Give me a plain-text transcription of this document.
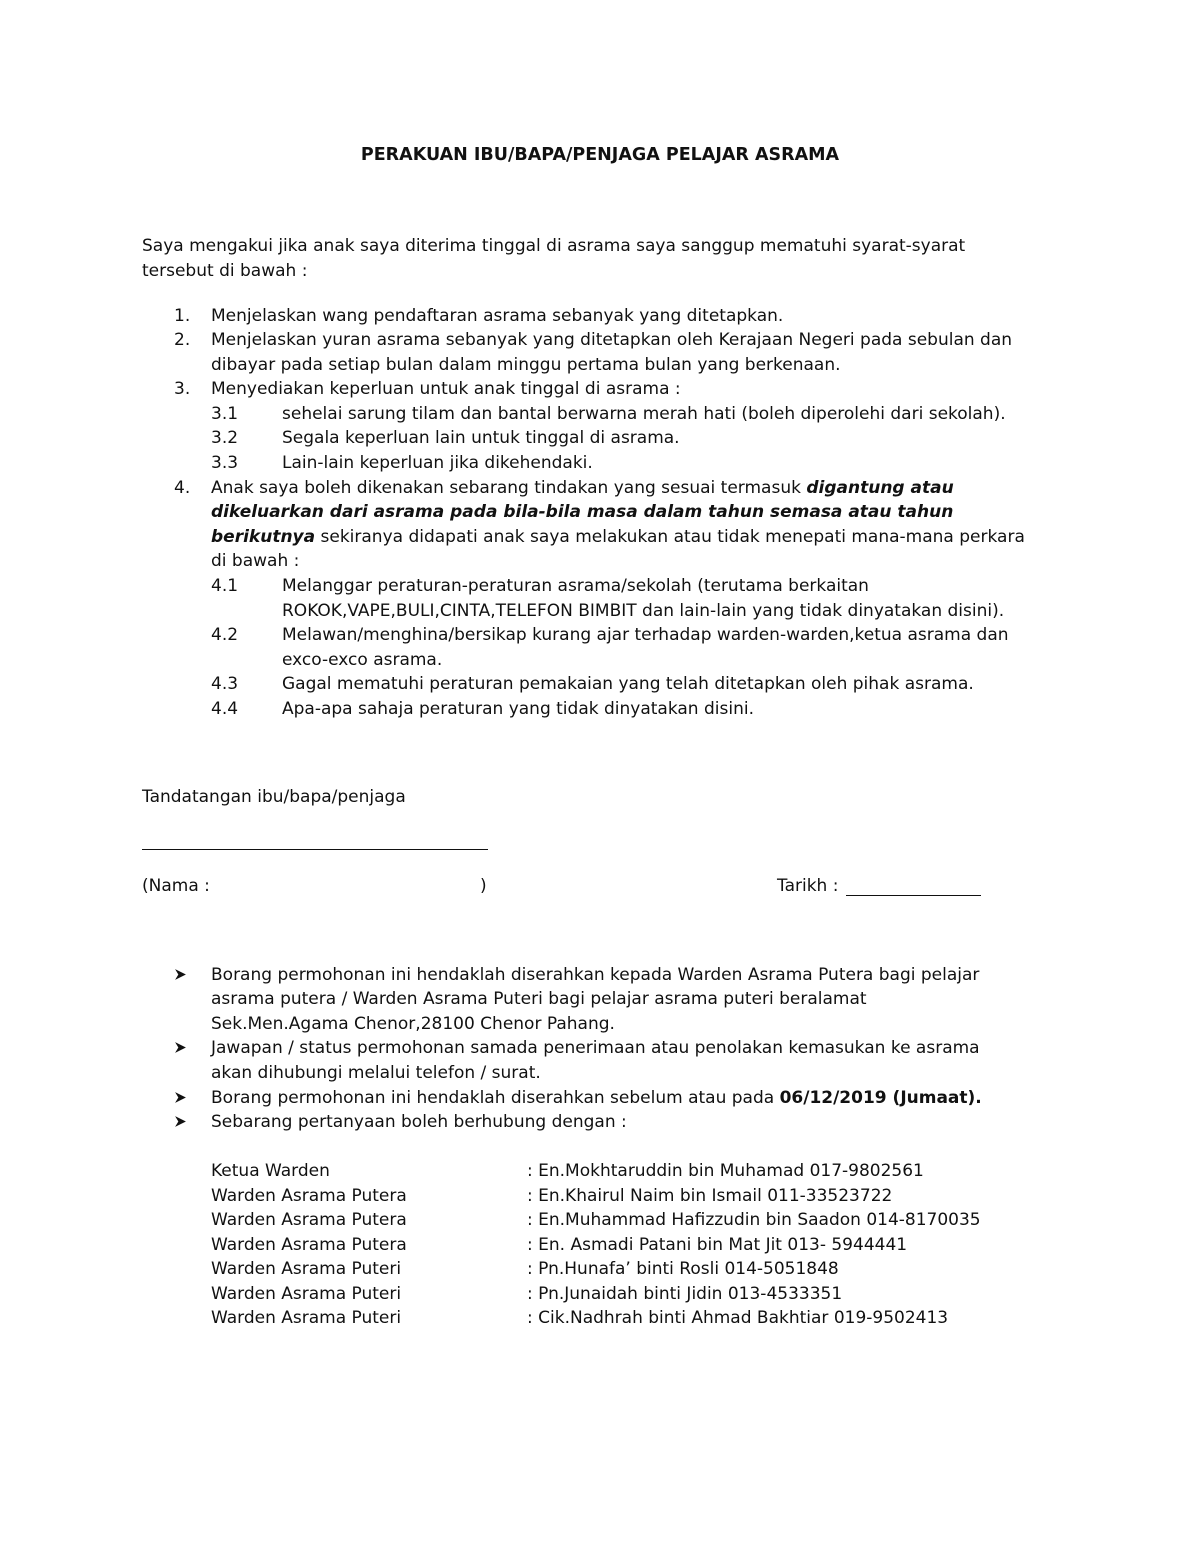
PERAKUAN IBU/BAPA/PENJAGA PELAJAR ASRAMA
Saya mengakui jika anak saya diterima tinggal di asrama saya sanggup mematuhi syarat-syarat
tersebut di bawah :
1.	Menjelaskan wang pendaftaran asrama sebanyak yang ditetapkan.
2.	Menjelaskan yuran asrama sebanyak yang ditetapkan oleh Kerajaan Negeri pada sebulan dan
dibayar pada setiap bulan dalam minggu pertama bulan yang berkenaan.
3.	Menyediakan keperluan untuk anak tinggal di asrama :
3.1	sehelai sarung tilam dan bantal berwarna merah hati (boleh diperolehi dari sekolah).
3.2	Segala keperluan lain untuk tinggal di asrama.
3.3	Lain-lain keperluan jika dikehendaki.
4.	Anak saya boleh dikenakan sebarang tindakan yang sesuai termasuk digantung atau
dikeluarkan dari asrama pada bila-bila masa dalam tahun semasa atau tahun
berikutnya sekiranya didapati anak saya melakukan atau tidak menepati mana-mana perkara
di bawah :
4.1	Melanggar peraturan-peraturan asrama/sekolah (terutama berkaitan
ROKOK,VAPE,BULI,CINTA,TELEFON BIMBIT dan lain-lain yang tidak dinyatakan disini).
4.2	Melawan/menghina/bersikap kurang ajar terhadap warden-warden,ketua asrama dan
exco-exco asrama.
4.3	Gagal mematuhi peraturan pemakaian yang telah ditetapkan oleh pihak asrama.
4.4	Apa-apa sahaja peraturan yang tidak dinyatakan disini.
Tandatangan ibu/bapa/penjaga
(Nama :	)	Tarikh :
Borang permohonan ini hendaklah diserahkan kepada Warden Asrama Putera bagi pelajar
asrama putera / Warden Asrama Puteri bagi pelajar asrama puteri beralamat
Sek.Men.Agama Chenor,28100 Chenor Pahang.
Jawapan / status permohonan samada penerimaan atau penolakan kemasukan ke asrama
akan dihubungi melalui telefon / surat.
Borang permohonan ini hendaklah diserahkan sebelum atau pada 06/12/2019 (Jumaat).
Sebarang pertanyaan boleh berhubung dengan :
Ketua Warden	: En.Mokhtaruddin bin Muhamad 017-9802561
Warden Asrama Putera	: En.Khairul Naim bin Ismail 011-33523722
Warden Asrama Putera	: En.Muhammad Hafizzudin bin Saadon 014-8170035
Warden Asrama Putera	: En. Asmadi Patani bin Mat Jit 013- 5944441
Warden Asrama Puteri	: Pn.Hunafa’ binti Rosli 014-5051848
Warden Asrama Puteri	: Pn.Junaidah binti Jidin 013-4533351
Warden Asrama Puteri	: Cik.Nadhrah binti Ahmad Bakhtiar 019-9502413
